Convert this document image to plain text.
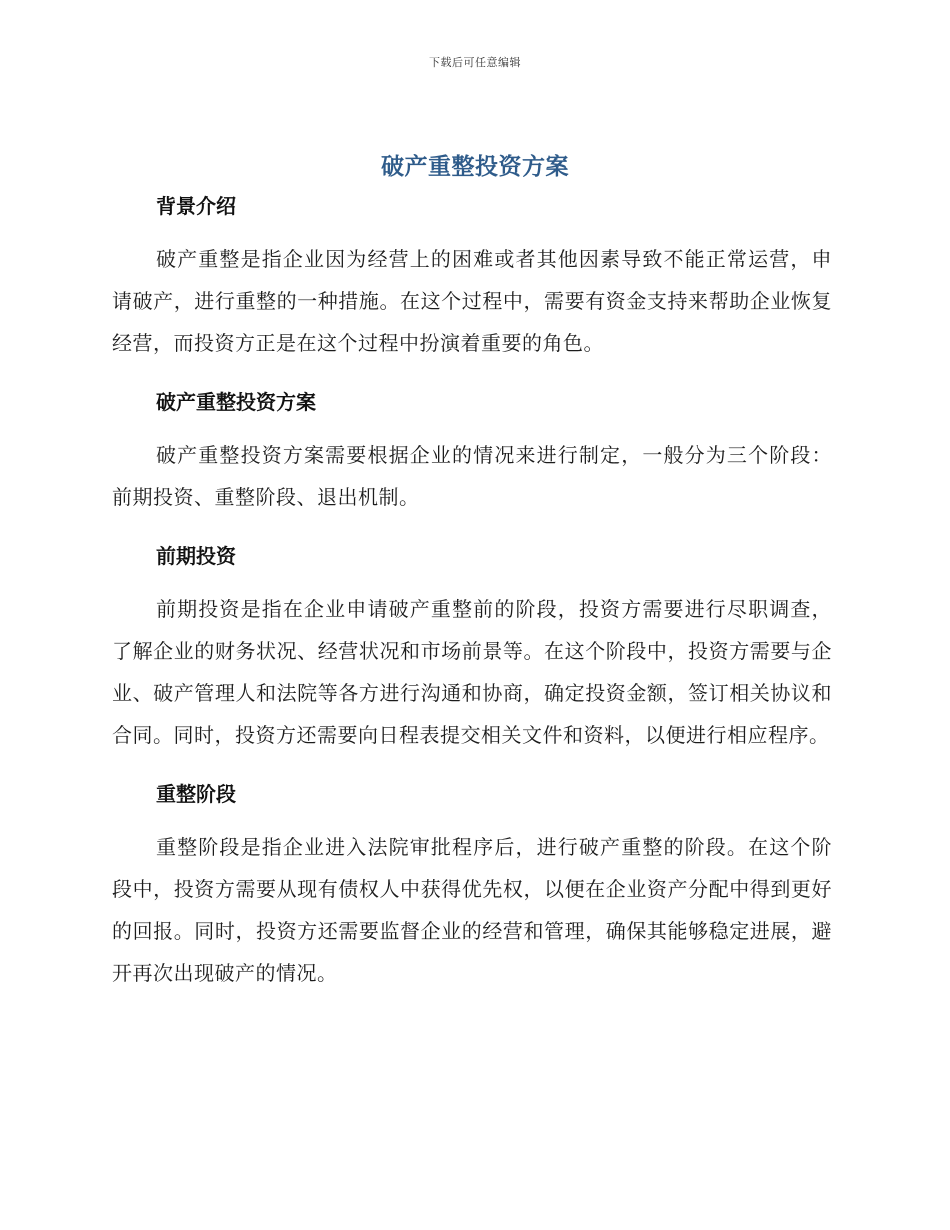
下载后可任意编辑
破产重整投资方案
背景介绍

破产重整是指企业因为经营上的困难或者其他因素导致不能正常运营，申请破产，进行重整的一种措施。在这个过程中，需要有资金支持来帮助企业恢复经营，而投资方正是在这个过程中扮演着重要的角色。

破产重整投资方案

破产重整投资方案需要根据企业的情况来进行制定，一般分为三个阶段：前期投资、重整阶段、退出机制。

前期投资

前期投资是指在企业申请破产重整前的阶段，投资方需要进行尽职调查，了解企业的财务状况、经营状况和市场前景等。在这个阶段中，投资方需要与企业、破产管理人和法院等各方进行沟通和协商，确定投资金额，签订相关协议和合同。同时，投资方还需要向日程表提交相关文件和资料，以便进行相应程序。

重整阶段

重整阶段是指企业进入法院审批程序后，进行破产重整的阶段。在这个阶段中，投资方需要从现有债权人中获得优先权，以便在企业资产分配中得到更好的回报。同时，投资方还需要监督企业的经营和管理，确保其能够稳定进展，避开再次出现破产的情况。
